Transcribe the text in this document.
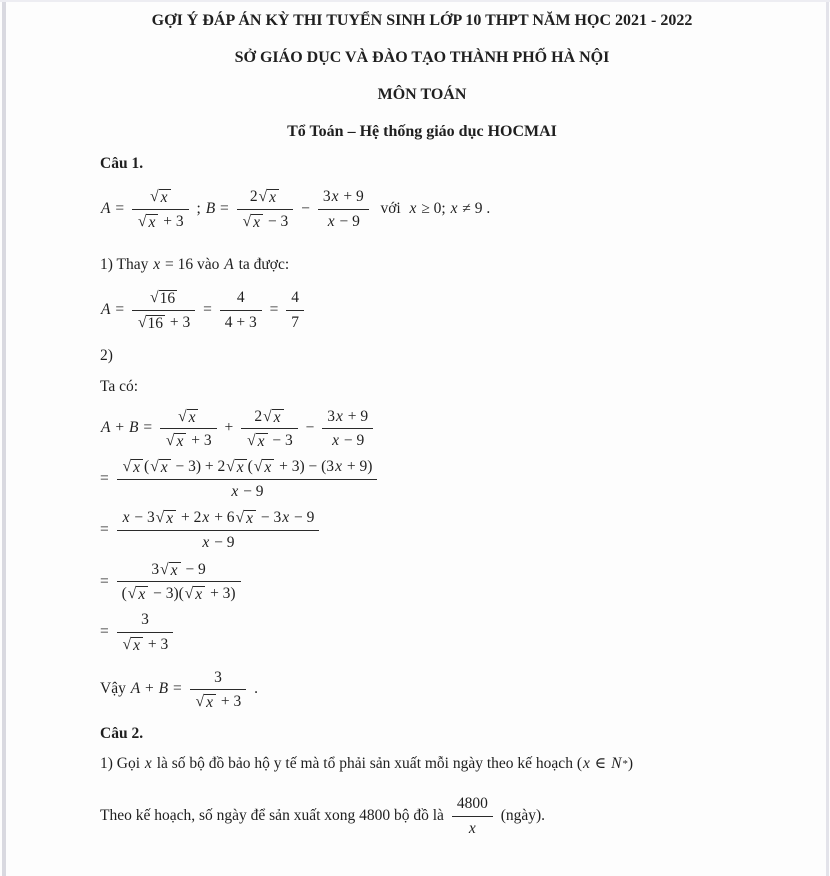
GỢI Ý ĐÁP ÁN KỲ THI TUYỂN SINH LỚP 10 THPT NĂM HỌC 2021 - 2022
SỞ GIÁO DỤC VÀ ĐÀO TẠO THÀNH PHỐ HÀ NỘI
MÔN TOÁN
Tổ Toán – Hệ thống giáo dục HOCMAI

Câu 1.

A =
√ x
√ x + 3
; B =
2 √ x
√ x − 3
−
3x + 9
x − 9
với x ≥ 0; x ≠ 9 .
1) Thay x = 16 vào A ta được:
A =
√ 16
√ 16 + 3
=
4
4 + 3
=
4
7

2)

Ta có:

A + B =
√ x
√ x + 3
+
2 √ x
√ x − 3
−
3x + 9
x − 9
=
√ x ( √ x − 3) + 2 √ x ( √ x + 3) − (3x + 9)
x − 9
=
x − 3 √ x + 2x + 6 √ x − 3x − 9
x − 9
=
3 √ x − 9
( √ x − 3)( √ x + 3)
=
3
√ x + 3
Vậy A + B =
3
√ x + 3
.

Câu 2.

1) Gọi x là số bộ đồ bảo hộ y tế mà tổ phải sản xuất mỗi ngày theo kế hoạch ( x ∈ N * )
Theo kế hoạch, số ngày để sản xuất xong 4800 bộ đồ là
4800
x
(ngày).
